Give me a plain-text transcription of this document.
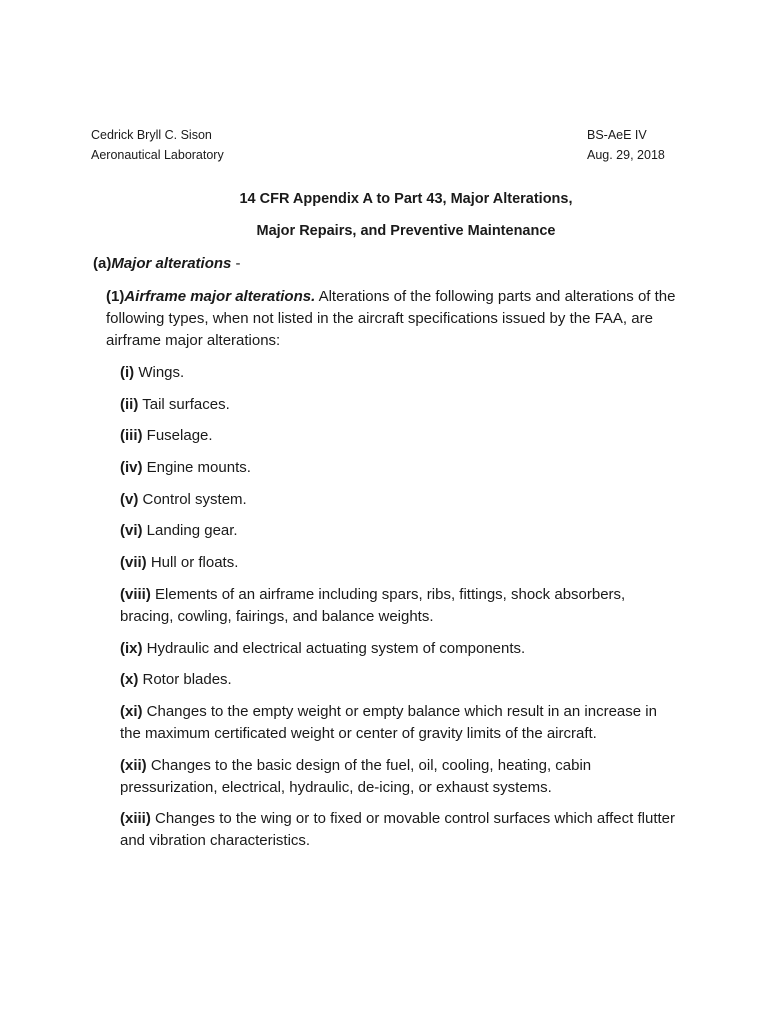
Cedrick Bryll C. Sison
Aeronautical Laboratory
BS-AeE IV
Aug. 29, 2018
14 CFR Appendix A to Part 43, Major Alterations,
Major Repairs, and Preventive Maintenance
(a)Major alterations -
(1)Airframe major alterations. Alterations of the following parts and alterations of the following types, when not listed in the aircraft specifications issued by the FAA, are airframe major alterations:
(i) Wings.
(ii) Tail surfaces.
(iii) Fuselage.
(iv) Engine mounts.
(v) Control system.
(vi) Landing gear.
(vii) Hull or floats.
(viii) Elements of an airframe including spars, ribs, fittings, shock absorbers, bracing, cowling, fairings, and balance weights.
(ix) Hydraulic and electrical actuating system of components.
(x) Rotor blades.
(xi) Changes to the empty weight or empty balance which result in an increase in the maximum certificated weight or center of gravity limits of the aircraft.
(xii) Changes to the basic design of the fuel, oil, cooling, heating, cabin pressurization, electrical, hydraulic, de-icing, or exhaust systems.
(xiii) Changes to the wing or to fixed or movable control surfaces which affect flutter and vibration characteristics.
